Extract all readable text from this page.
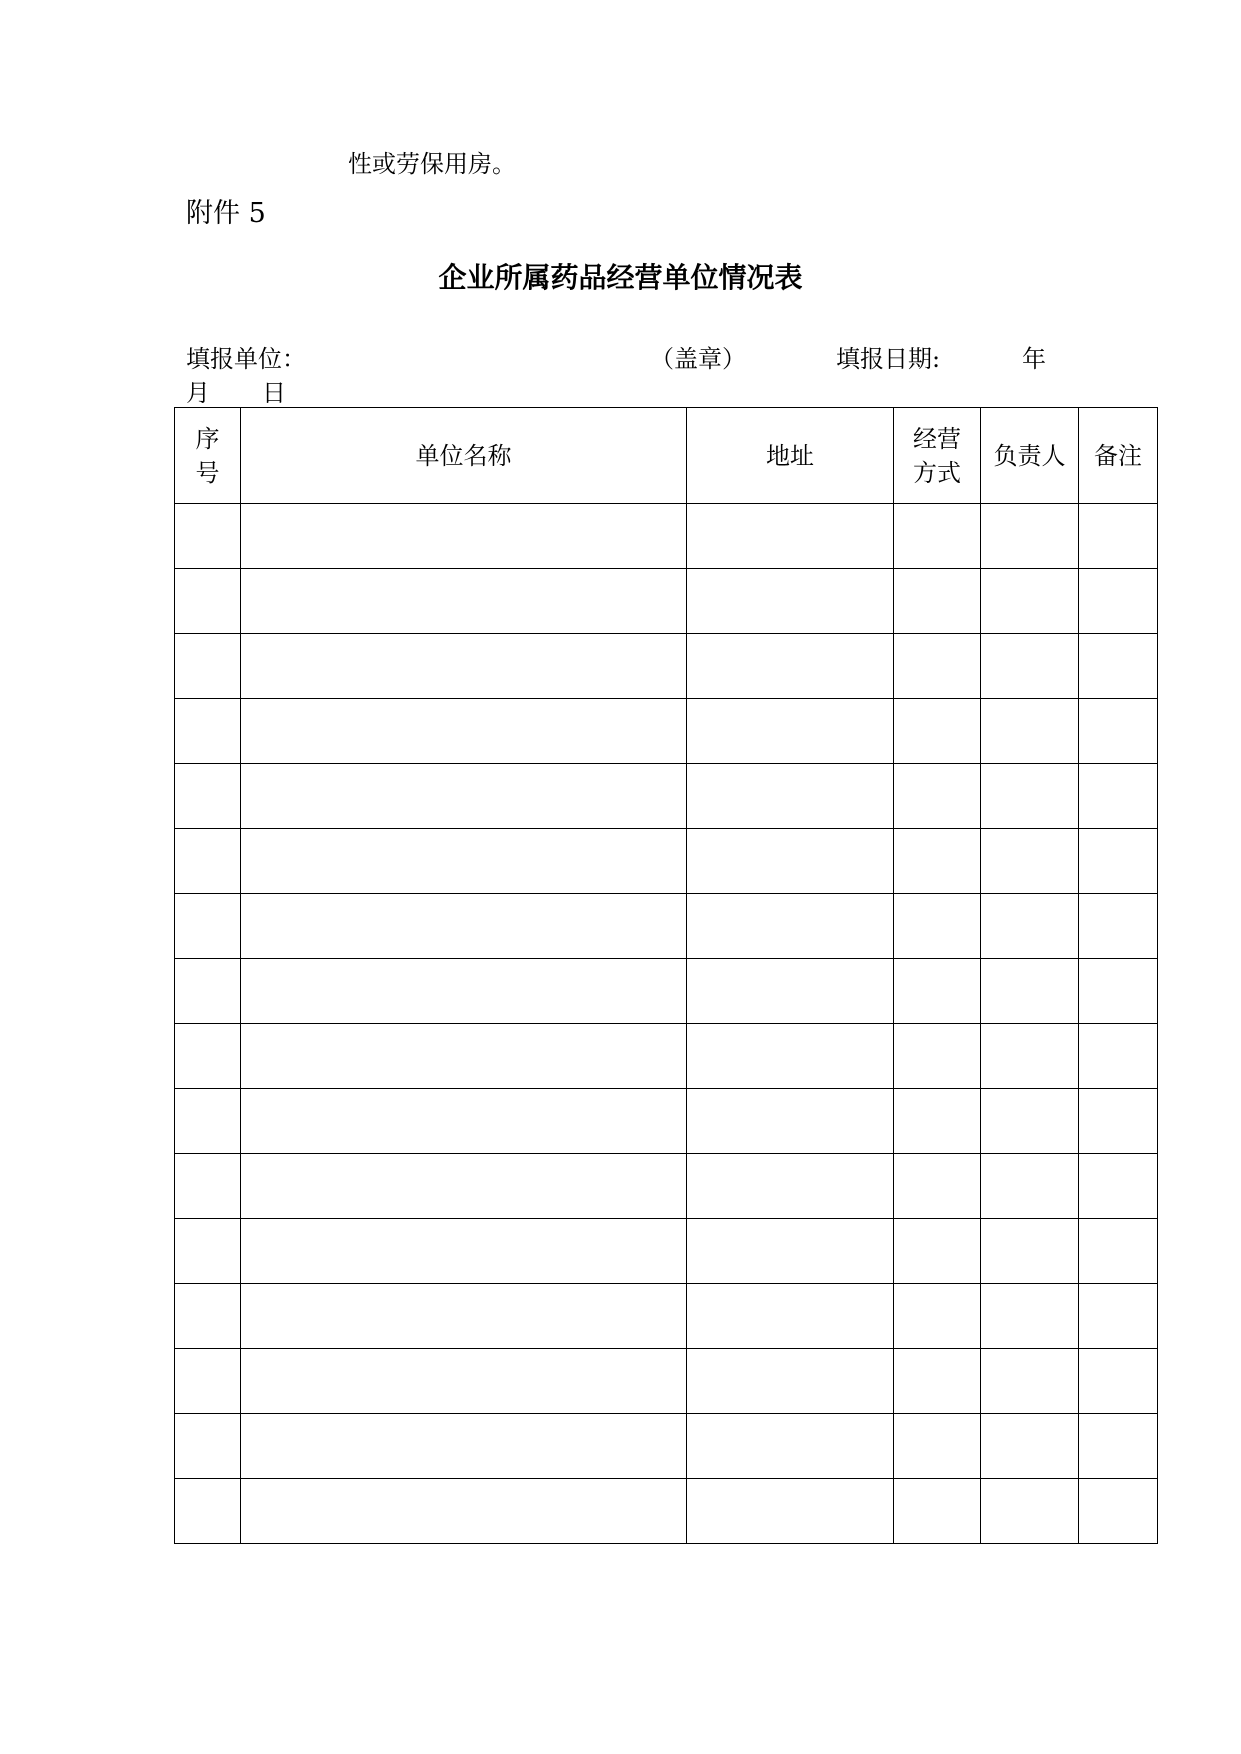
性或劳保用房。
附件 5
企业所属药品经营单位情况表
填报单位：	（盖章）	填报日期:	年
月 日
序号	单位名称	地址	经营方式	负责人	备注
